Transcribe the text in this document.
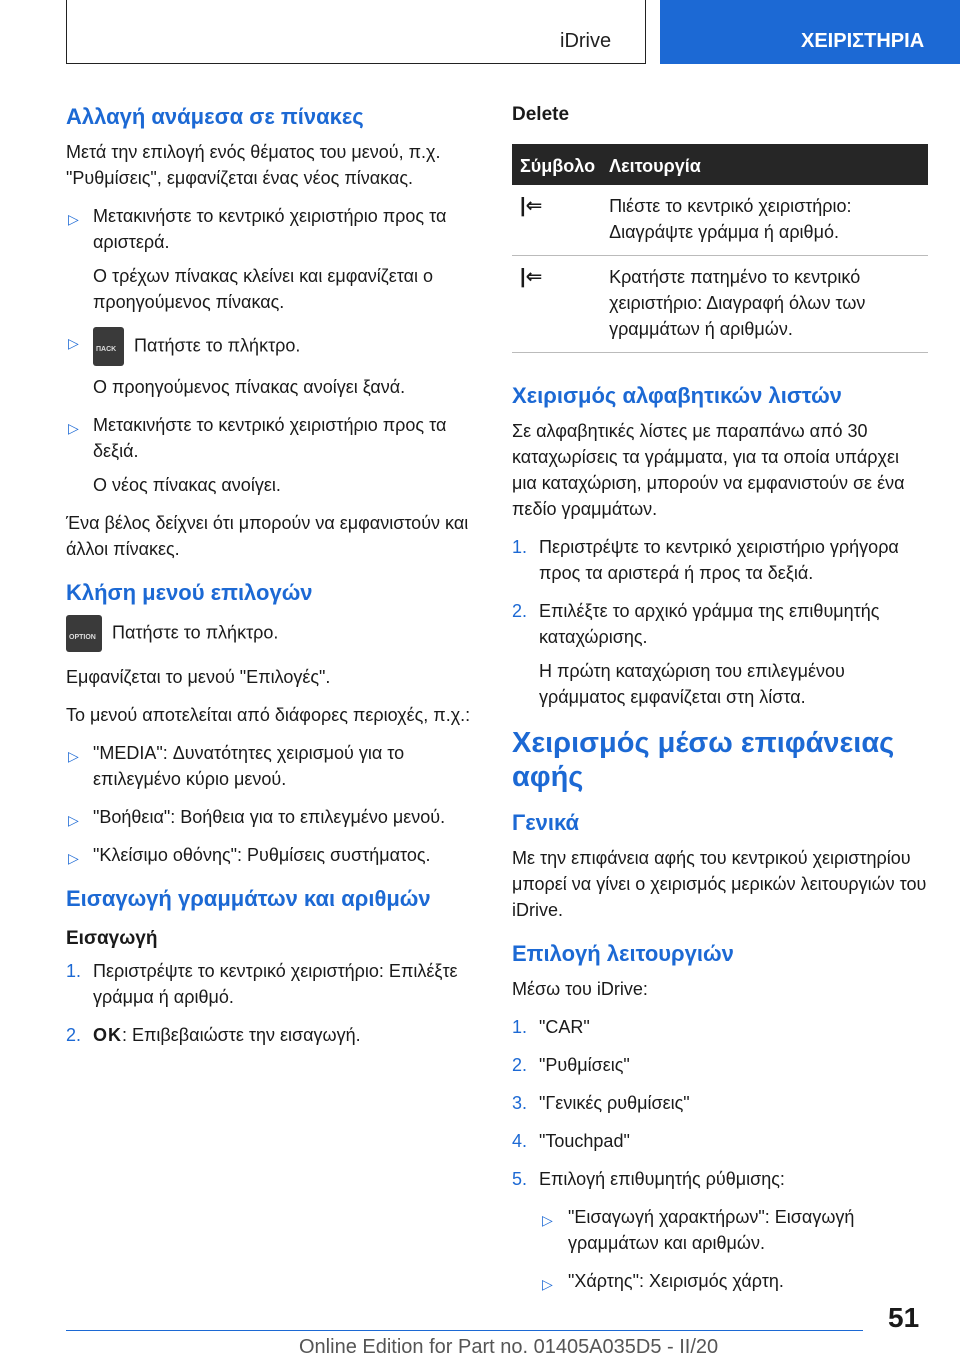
iDrive	ΧΕΙΡΙΣΤΗΡΙΑ
Αλλαγή ανάμεσα σε πίνακες

Μετά την επιλογή ενός θέματος του μενού, π.χ. "Ρυθμίσεις", εμφανίζεται ένας νέος πίνακας.

▷ Μετακινήστε το κεντρικό χειριστήριο προς τα αριστερά.
Ο τρέχων πίνακας κλείνει και εμφανίζεται ο προηγούμενος πίνακας.
▷ ΠΑCK Πατήστε το πλήκτρο.
Ο προηγούμενος πίνακας ανοίγει ξανά.
▷ Μετακινήστε το κεντρικό χειριστήριο προς τα δεξιά.
Ο νέος πίνακας ανοίγει.

Ένα βέλος δείχνει ότι μπορούν να εμφανιστούν και άλλοι πίνακες.

Κλήση μενού επιλογών

OPTION Πατήστε το πλήκτρο.

Εμφανίζεται το μενού "Επιλογές".

Το μενού αποτελείται από διάφορες περιοχές, π.χ.:

▷ "MEDIA": Δυνατότητες χειρισμού για το επιλεγμένο κύριο μενού.
▷ "Βοήθεια": Βοήθεια για το επιλεγμένο μενού.
▷ "Κλείσιμο οθόνης": Ρυθμίσεις συστήματος.
Εισαγωγή γραμμάτων και αριθμών
Εισαγωγή
1. Περιστρέψτε το κεντρικό χειριστήριο: Επιλέξτε γράμμα ή αριθμό.
2. OK: Επιβεβαιώστε την εισαγωγή.
Delete
Σύμβολο	Λειτουργία
|⇐	Πιέστε το κεντρικό χειριστήριο: Διαγράψτε γράμμα ή αριθμό.
|⇐	Κρατήστε πατημένο το κεντρικό χειριστήριο: Διαγραφή όλων των γραμμάτων ή αριθμών.
Χειρισμός αλφαβητικών λιστών

Σε αλφαβητικές λίστες με παραπάνω από 30 καταχωρίσεις τα γράμματα, για τα οποία υπάρχει μια καταχώριση, μπορούν να εμφανιστούν σε ένα πεδίο γραμμάτων.

1. Περιστρέψτε το κεντρικό χειριστήριο γρήγορα προς τα αριστερά ή προς τα δεξιά.
2. Επιλέξτε το αρχικό γράμμα της επιθυμητής καταχώρισης.
Η πρώτη καταχώριση του επιλεγμένου γράμματος εμφανίζεται στη λίστα.
Χειρισμός μέσω επιφάνειας αφής
Γενικά

Με την επιφάνεια αφής του κεντρικού χειριστηρίου μπορεί να γίνει ο χειρισμός μερικών λειτουργιών του iDrive.

Επιλογή λειτουργιών

Μέσω του iDrive:

1. "CAR"
2. "Ρυθμίσεις"
3. "Γενικές ρυθμίσεις"
4. "Touchpad"
5. Επιλογή επιθυμητής ρύθμισης:
▷ "Εισαγωγή χαρακτήρων": Εισαγωγή γραμμάτων και αριθμών.
▷ "Χάρτης": Χειρισμός χάρτη.
51
Online Edition for Part no. 01405A035D5 - II/20
